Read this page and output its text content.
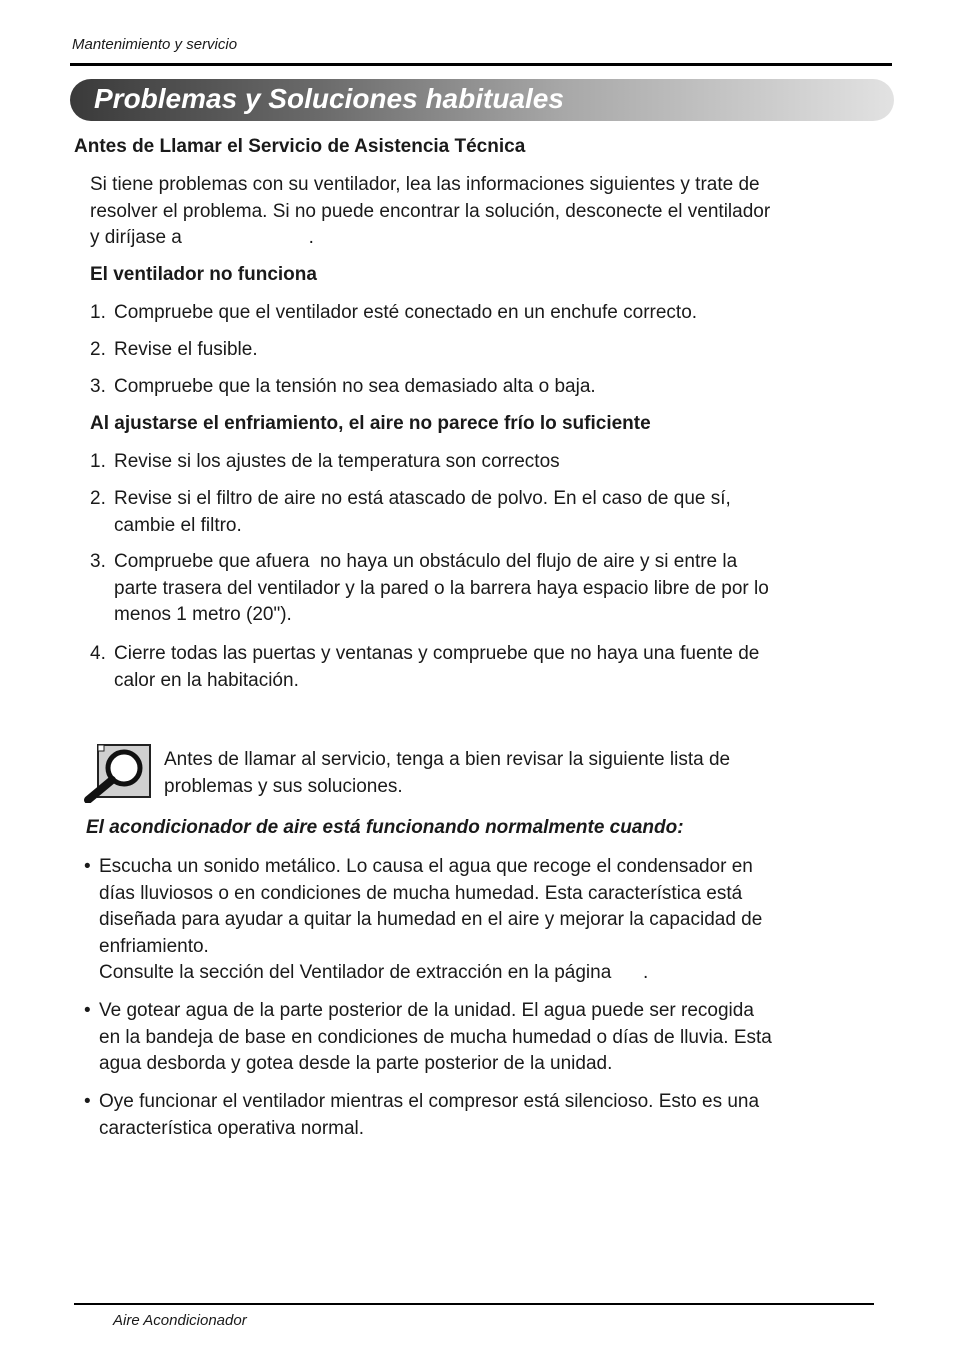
Mantenimiento y servicio
Problemas y Soluciones habituales
Antes de Llamar el Servicio de Asistencia Técnica
Si tiene problemas con su ventilador, lea las informaciones siguientes y trate de
resolver el problema. Si no puede encontrar la solución, desconecte el ventilador
y diríjase a                        .
El ventilador no funciona
1. Compruebe que el ventilador esté conectado en un enchufe correcto.
2. Revise el fusible.
3. Compruebe que la tensión no sea demasiado alta o baja.
Al ajustarse el enfriamiento, el aire no parece frío lo suficiente
1. Revise si los ajustes de la temperatura son correctos
2. Revise si el filtro de aire no está atascado de polvo. En el caso de que sí,
cambie el filtro.
3. Compruebe que afuera  no haya un obstáculo del flujo de aire y si entre la
parte trasera del ventilador y la pared o la barrera haya espacio libre de por lo
menos 1 metro (20").
4. Cierre todas las puertas y ventanas y compruebe que no haya una fuente de
calor en la habitación.
Antes de llamar al servicio, tenga a bien revisar la siguiente lista de
problemas y sus soluciones.
El acondicionador de aire está funcionando normalmente cuando:
• Escucha un sonido metálico. Lo causa el agua que recoge el condensador en
días lluviosos o en condiciones de mucha humedad. Esta característica está
diseñada para ayudar a quitar la humedad en el aire y mejorar la capacidad de
enfriamiento.
Consulte la sección del Ventilador de extracción en la página      .
• Ve gotear agua de la parte posterior de la unidad. El agua puede ser recogida
en la bandeja de base en condiciones de mucha humedad o días de lluvia. Esta
agua desborda y gotea desde la parte posterior de la unidad.
• Oye funcionar el ventilador mientras el compresor está silencioso. Esto es una
característica operativa normal.
Aire Acondicionador
